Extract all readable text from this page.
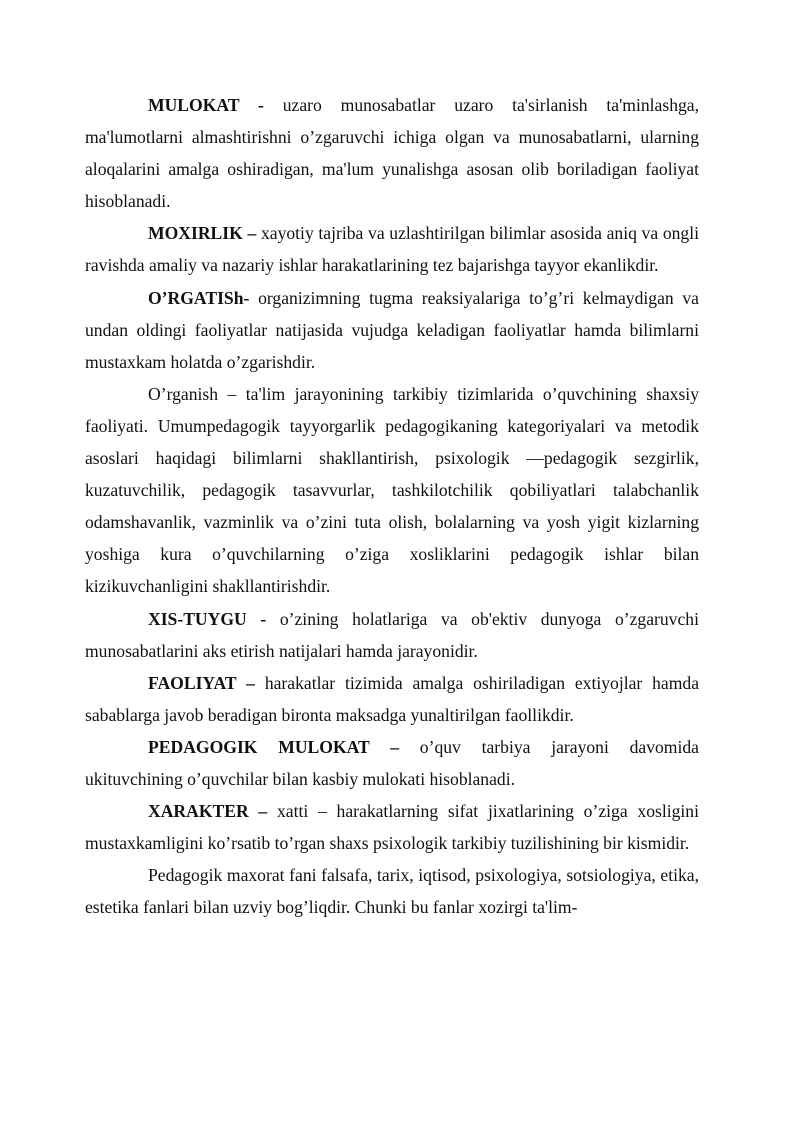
MULOKAT - uzaro munosabatlar uzaro ta'sirlanish ta'minlashga, ma'lumotlarni almashtirishni o’zgaruvchi ichiga olgan va munosabatlarni, ularning aloqalarini amalga oshiradigan, ma'lum yunalishga asosan olib boriladigan faoliyat hisoblanadi.

MOXIRLIK – xayotiy tajriba va uzlashtirilgan bilimlar asosida aniq va ongli ravishda amaliy va nazariy ishlar harakatlarining tez bajarishga tayyor ekanlikdir.

O’RGATISh- organizimning tugma reaksiyalariga to’g’ri kelmaydigan va undan oldingi faoliyatlar natijasida vujudga keladigan faoliyatlar hamda bilimlarni mustaxkam holatda o’zgarishdir.

O’rganish – ta'lim jarayonining tarkibiy tizimlarida o’quvchining shaxsiy faoliyati. Umumpedagogik tayyorgarlik pedagogikaning kategoriyalari va metodik asoslari haqidagi bilimlarni shakllantirish, psixologik ―pedagogik sezgirlik, kuzatuvchilik, pedagogik tasavvurlar, tashkilotchilik qobiliyatlari talabchanlik odamshavanlik, vazminlik va o’zini tuta olish, bolalarning va yosh yigit kizlarning yoshiga kura o’quvchilarning o’ziga xosliklarini pedagogik ishlar bilan kizikuvchanligini shakllantirishdir.

XIS-TUYGU - o’zining holatlariga va ob'ektiv dunyoga o’zgaruvchi munosabatlarini aks etirish natijalari hamda jarayonidir.

FAOLIYAT – harakatlar tizimida amalga oshiriladigan extiyojlar hamda sabablarga javob beradigan bironta maksadga yunaltirilgan faollikdir.

PEDAGOGIK MULOKAT – o’quv tarbiya jarayoni davomida ukituvchining o’quvchilar bilan kasbiy mulokati hisoblanadi.

XARAKTER – xatti – harakatlarning sifat jixatlarining o’ziga xosligini mustaxkamligini ko’rsatib to’rgan shaxs psixologik tarkibiy tuzilishining bir kismidir.

Pedagogik maxorat fani falsafa, tarix, iqtisod, psixologiya, sotsiologiya, etika, estetika fanlari bilan uzviy bog’liqdir. Chunki bu fanlar xozirgi ta'lim-
